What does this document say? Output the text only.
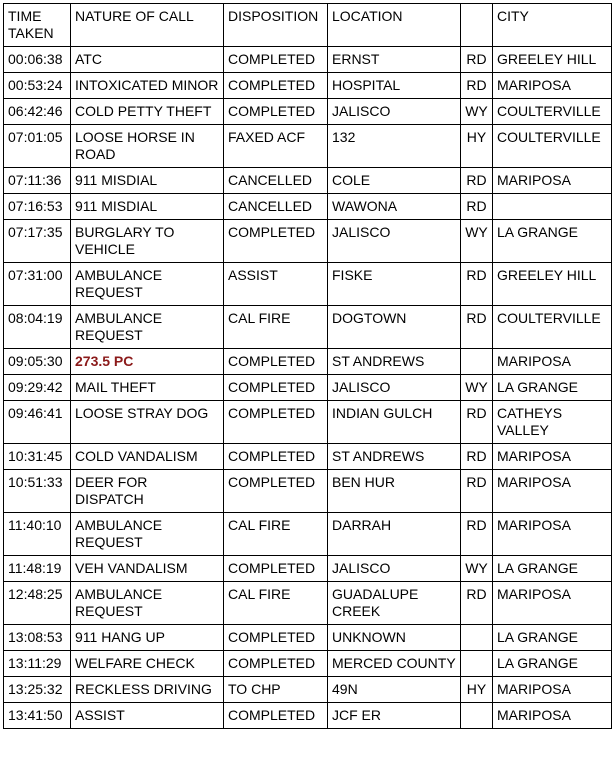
TIME TAKEN	NATURE OF CALL	DISPOSITION	LOCATION		CITY
00:06:38	ATC	COMPLETED	ERNST	RD	GREELEY HILL
00:53:24	INTOXICATED MINOR	COMPLETED	HOSPITAL	RD	MARIPOSA
06:42:46	COLD PETTY THEFT	COMPLETED	JALISCO	WY	COULTERVILLE
07:01:05	LOOSE HORSE IN ROAD	FAXED ACF	132	HY	COULTERVILLE
07:11:36	911 MISDIAL	CANCELLED	COLE	RD	MARIPOSA
07:16:53	911 MISDIAL	CANCELLED	WAWONA	RD	
07:17:35	BURGLARY TO VEHICLE	COMPLETED	JALISCO	WY	LA GRANGE
07:31:00	AMBULANCE REQUEST	ASSIST	FISKE	RD	GREELEY HILL
08:04:19	AMBULANCE REQUEST	CAL FIRE	DOGTOWN	RD	COULTERVILLE
09:05:30	273.5 PC	COMPLETED	ST ANDREWS		MARIPOSA
09:29:42	MAIL THEFT	COMPLETED	JALISCO	WY	LA GRANGE
09:46:41	LOOSE STRAY DOG	COMPLETED	INDIAN GULCH	RD	CATHEYS VALLEY
10:31:45	COLD VANDALISM	COMPLETED	ST ANDREWS	RD	MARIPOSA
10:51:33	DEER FOR DISPATCH	COMPLETED	BEN HUR	RD	MARIPOSA
11:40:10	AMBULANCE REQUEST	CAL FIRE	DARRAH	RD	MARIPOSA
11:48:19	VEH VANDALISM	COMPLETED	JALISCO	WY	LA GRANGE
12:48:25	AMBULANCE REQUEST	CAL FIRE	GUADALUPE CREEK	RD	MARIPOSA
13:08:53	911 HANG UP	COMPLETED	UNKNOWN		LA GRANGE
13:11:29	WELFARE CHECK	COMPLETED	MERCED COUNTY		LA GRANGE
13:25:32	RECKLESS DRIVING	TO CHP	49N	HY	MARIPOSA
13:41:50	ASSIST	COMPLETED	JCF ER		MARIPOSA
